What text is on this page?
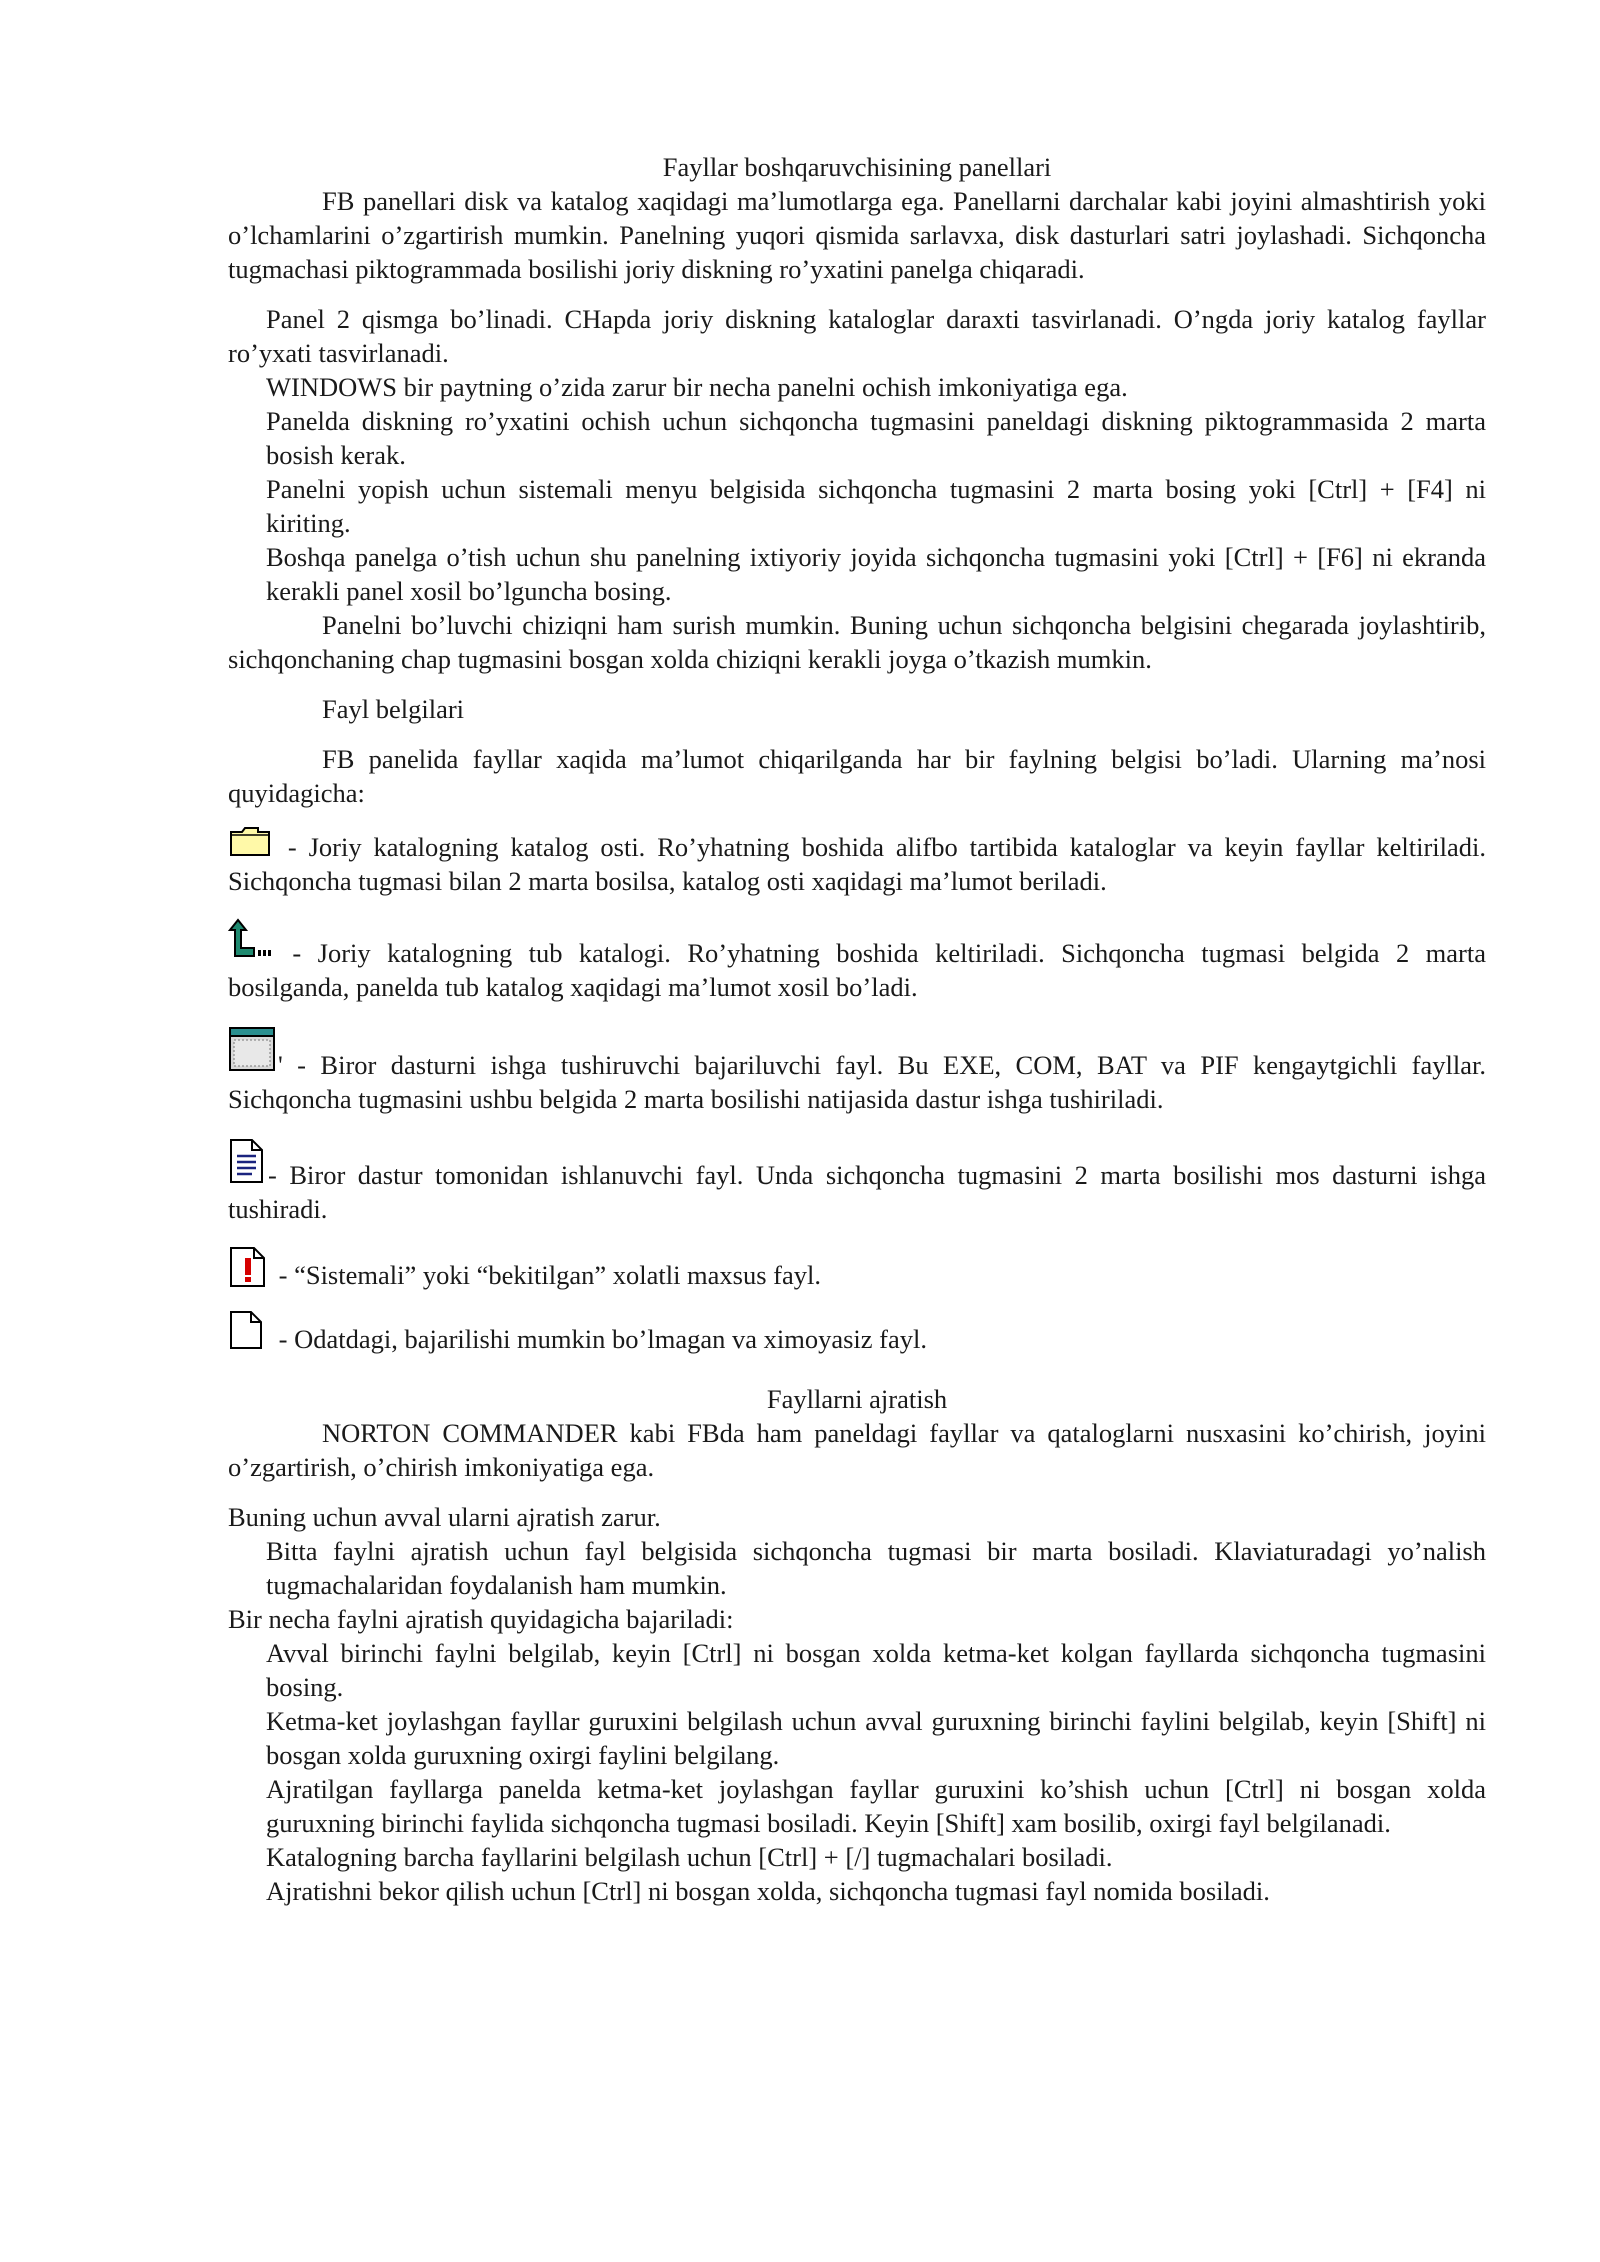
Fayllar boshqaruvchisining panellari

FB panellari disk va katalog xaqidagi ma’lumotlarga ega. Panellarni darchalar kabi joyini almashtirish yoki o’lchamlarini o’zgartirish mumkin. Panelning yuqori qismida sarlavxa, disk dasturlari satri joylashadi. Sichqoncha tugmachasi piktogrammada bosilishi joriy diskning ro’yxatini panelga chiqaradi.

Panel 2 qismga bo’linadi. CHapda joriy diskning kataloglar daraxti tasvirlanadi. O’ngda joriy katalog fayllar ro’yxati tasvirlanadi.

WINDOWS bir paytning o’zida zarur bir necha panelni ochish imkoniyatiga ega.
Panelda diskning ro’yxatini ochish uchun sichqoncha tugmasini paneldagi diskning piktogrammasida 2 marta bosish kerak.
Panelni yopish uchun sistemali menyu belgisida sichqoncha tugmasini 2 marta bosing yoki [Ctrl] + [F4] ni kiriting.
Boshqa panelga o’tish uchun shu panelning ixtiyoriy joyida sichqoncha tugmasini yoki [Ctrl] + [F6] ni ekranda kerakli panel xosil bo’lguncha bosing.

Panelni bo’luvchi chiziqni ham surish mumkin. Buning uchun sichqoncha belgisini chegarada joylashtirib, sichqonchaning chap tugmasini bosgan xolda chiziqni kerakli joyga o’tkazish mumkin.

Fayl belgilari

FB panelida fayllar xaqida ma’lumot chiqarilganda har bir faylning belgisi bo’ladi. Ularning ma’nosi quyidagicha:

- Joriy katalogning katalog osti. Ro’yhatning boshida alifbo tartibida kataloglar va keyin fayllar keltiriladi. Sichqoncha tugmasi bilan 2 marta bosilsa, katalog osti xaqidagi ma’lumot beriladi.

- Joriy katalogning tub katalogi. Ro’yhatning boshida keltiriladi. Sichqoncha tugmasi belgida 2 marta bosilganda, panelda tub katalog xaqidagi ma’lumot xosil bo’ladi.

' - Biror dasturni ishga tushiruvchi bajariluvchi fayl. Bu EXE, COM, BAT va PIF kengaytgichli fayllar. Sichqoncha tugmasini ushbu belgida 2 marta bosilishi natijasida dastur ishga tushiriladi.

- Biror dastur tomonidan ishlanuvchi fayl. Unda sichqoncha tugmasini 2 marta bosilishi mos dasturni ishga tushiradi.

- “Sistemali” yoki “bekitilgan” xolatli maxsus fayl.

- Odatdagi, bajarilishi mumkin bo’lmagan va ximoyasiz fayl.

Fayllarni ajratish

NORTON COMMANDER kabi FBda ham paneldagi fayllar va qataloglarni nusxasini ko’chirish, joyini o’zgartirish, o’chirish imkoniyatiga ega.

Buning uchun avval ularni ajratish zarur.

Bitta faylni ajratish uchun fayl belgisida sichqoncha tugmasi bir marta bosiladi. Klaviaturadagi yo’nalish tugmachalaridan foydalanish ham mumkin.

Bir necha faylni ajratish quyidagicha bajariladi:

Avval birinchi faylni belgilab, keyin [Ctrl] ni bosgan xolda ketma-ket kolgan fayllarda sichqoncha tugmasini bosing.
Ketma-ket joylashgan fayllar guruxini belgilash uchun avval guruxning birinchi faylini belgilab, keyin [Shift] ni bosgan xolda guruxning oxirgi faylini belgilang.
Ajratilgan fayllarga panelda ketma-ket joylashgan fayllar guruxini ko’shish uchun [Ctrl] ni bosgan xolda guruxning birinchi faylida sichqoncha tugmasi bosiladi. Keyin [Shift] xam bosilib, oxirgi fayl belgilanadi.
Katalogning barcha fayllarini belgilash uchun [Ctrl] + [/] tugmachalari bosiladi.
Ajratishni bekor qilish uchun [Ctrl] ni bosgan xolda, sichqoncha tugmasi fayl nomida bosiladi.
